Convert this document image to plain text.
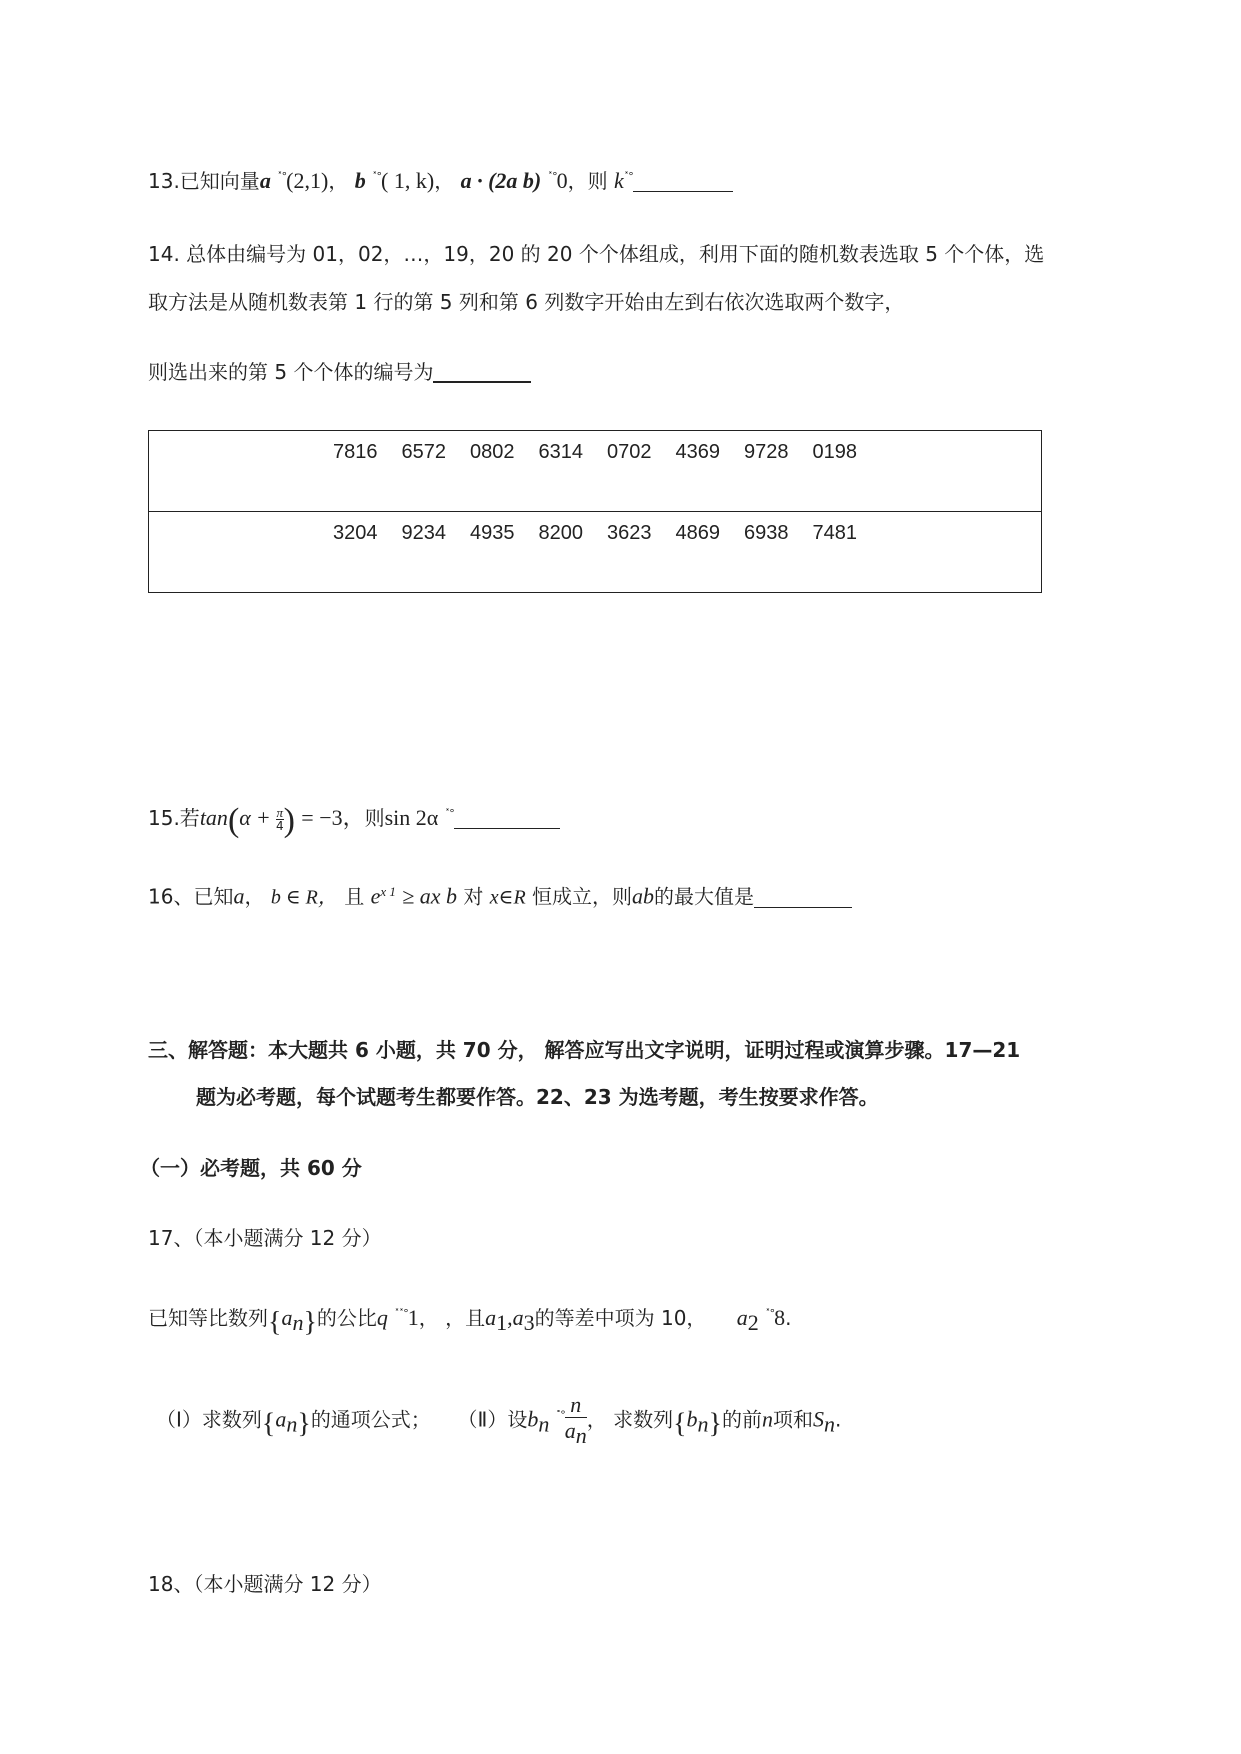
13.已知向量a ˟°(2,1)， b ˟°( 1, k)， a · (2a b) ˟°0，则 k˟°
14. 总体由编号为 01，02，…，19，20 的 20 个个体组成，利用下面的随机数表选取 5 个个体，选
取方法是从随机数表第 1 行的第 5 列和第 6 列数字开始由左到右依次选取两个数字，
则选出来的第 5 个个体的编号为
7816	6572	0802	6314	0702	4369	9728	0198

3204	9234	4935	8200	3623	4869	6938	7481
15.若$\tan(\alpha + \frac{\pi}{4}) = -3$，则sin 2α ˟°
16、已知a， b ∈ R， 且 $e^{x 1}$ ≥ ax b 对 x∈R 恒成立，则ab的最大值是
三、解答题：本大题共 6 小题，共 70 分， 解答应写出文字说明，证明过程或演算步骤。17—21
题为必考题，每个试题考生都要作答。22、23 为选考题，考生按要求作答。
（一）必考题，共 60 分
17、（本小题满分 12 分）
已知等比数列$\{a_n\}$的公比q ˟˟°1， ，且$a_1,a_3$的等差中项为 10， $a_2$ ˟°8.
（Ⅰ）求数列$\{a_n\}$的通项公式； （Ⅱ）设$b_n$ $^{˟^\circ} \frac{n}{a_n}$ ， 求数列$\{b_n\}$的前n项和$S_n$.
18、（本小题满分 12 分）
